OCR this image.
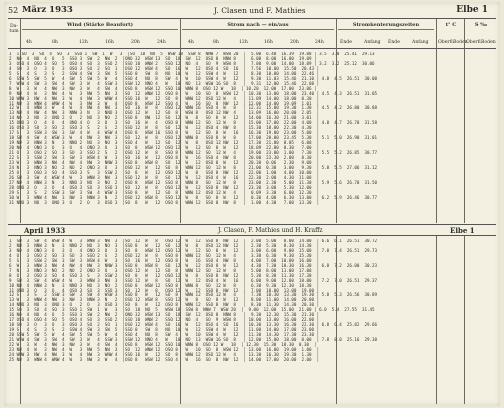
52 März 1933	J. Clasen und F. Mathies	Elbe 1
Da-tum
Wind (Stärke Beaufort)
4h	8h	12h	16h	20h	24h
Strom nach — ein/aus
4h	8h	12h	16h	20h	24h
Stromkenterungszeiten
Ende	Anfang Ende	Anfang
t° C	S ‰
Oberfl.
Boden
Oberfl.
Boden
1  1 SO  3  SO  4  SO  3  SSO 1  SW  1  W   3  │SO  10  NO  5  WSW 18  SSW 8  NNW 7  WSW 20  │  5.00  6.40  16.39  19.08 │ 3.5  3.0  25.41  29.13
2  NO  4  NO  4  O   5  SSO 3  SW  2  NW  2  │ONO 32  WSW 13  SO  18  SW  12  OSO 8  NNW 8   │  6.00  8.00  16.00  19.09 │
3  OSO 4  OSO 4  SO  5  OSO 4  SO  3  SSO 2  │SSO 10  WNW 2   SSO 12  NO  4   SO  9  WSW 8   │  7.00  9.00  14.00  18.09 │ 3.2  3.2  25.12  30.06
4  SO  3  O   3  O   3  OSO 3  SO  2  SO  1  │OSO 12  WSW 4   SO  16  W   12  OSO 4  SO  16  │  7.56  10.00  15.50  20.43 │
5  S   4  S   3  S   2  SSW 4  SW  3  SW  5  │SSO 8   SW  8   NO  10  W   12  SSW 4  W   12  │  8.30  10.00  14.00  22.46 │
6  SSW 5  SW  5  W   4  SW  5  SW  5  W   4  │SSO 4   NO  8   SW  4   W   10  SSW 4  W   12  │  9.30  11.03  15.46  21.10 │ 4.8  4.5  26.51  30.00
7  WSW 4  SW  3  SW  4  SW  3  W   4  SSW 3  │SSW 12  NNO 4   W   10  NO  13  WSW 16 SO  8   │  9.31  12.00  15.46  22.08 │
8  W   3  W   4  NW  3  NW  3  W   4  SW  4  │OSO 8   WSW 12  SSO 10  WNW 8  OSO 12 W   18  │ 10.20  12.00  17.00  23.06 │
9  NW  4  W   3  NW  4  W   3  NW  5  NW  3  │SO  12  WNW 12  OSO 8   W   10  SO  8  WSW 12  │ 10.30  13.00  18.00  23.40 │ 4.5  4.3  26.51  31.05
10 WNW 3  NW  4  NW  3  W   4  NW  3  WNW 4  │SSO 16  W   12  SO  8   WNW 12  OSO 12 W   4   │ 11.09  14.00  18.00  0.30  │
11 NW  3  WNW 4  WNW 4  W   3  NW  3  W   4  │OSO 8   WSW 12  SSO 4   W   16  SO  8  NW  12  │ 12.00  14.00  19.09  1.01  │
12 W   4  WNW 3  W   4  W   4  NW  4  NW  3  │SO  16  W   8   OSO 12  WNW 16  SSO 4  W   8   │ 12.31  15.00  19.30  1.30  │ 4.5  4.2  26.80  30.88
13 NW  4  NW  4  NW  3  NNW 3  N   3  NNO 3  │OSO 12  W   12  SO  8   WSW 8   OSO 12 NW  4   │ 13.09  16.00  20.00  2.05  │
14 NO  3  NO  3  ONO 2  O   2  NO  3  NO  2  │SSO 8   NW  12  SO  12  W   8   SO  8  W   12  │ 14.00  16.30  21.00  3.01  │
15 ONO 3  O   4  O   4  ONO 4  O   3  O   3  │SO  16  W   4   OSO 8   WNW 12  SO  12 W   8   │ 15.00  17.00  22.00  4.00  │ 4.8  4.7  26.70  31.58
16 OSO 3  SO  3  SO  2  SSO 3  S   2  S   2  │SSO 12  W   8   SO  12  W   12  OSO 4  NW  8   │ 15.30  18.00  22.30  4.30  │
17 S   3  SSW 3  SW  3  SW  4  W   4  WSW 4  │OSO 8   WSW 16  SSO 8   W   12  SO  8  W   16  │ 16.30  19.00  23.00  5.00  │
18 SW  4  SW  4  WSW 3  W   4  NW  3  NW  3  │SO  12  W   8   OSO 12  WNW 8   SSO 8  W   8   │ 17.00  20.00  23.45  5.30  │ 5.1  5.0  26.90  31.01
19 NW  3  NNW 3  N   3  NNO 2  NO  3  NO  3  │SSO 4   W   12  SO  12  W   8   OSO 12 NW  12  │ 17.30  21.00  0.05   6.00  │
20 NO  4  ONO 3  O   3  O   4  ONO 3  O   3  │SO  8   WSW 12  OSO 12  W   12  SO  8  W   12  │ 18.09  22.00  0.30   7.00  │
21 O   3  OSO 2  SO  3  SO  3  SSO 2  S   2  │OSO 12  W   8   SSO 8   WNW 12  SO  12 W   4   │ 19.00  23.00  1.00   7.30  │ 5.5  5.2  26.85  30.77
22 S   3  SSW 2  SW  3  SW  3  WSW 4  W   3  │SO  16  W   12  OSO 8   W   16  SSO 4  NW  8   │ 20.00  23.30  2.00   8.30  │
23 W   3  WNW 3  NW  4  NW  4  NW  3  NNW 3  │SSO 8   WSW 8   SO  12  W   12  OSO 8  W   12  │ 20.30  0.06   2.30   9.00  │
24 N   3  NNO 3  NO  2  NO  2  ONO 3  O   3  │OSO 12  W   12  SO  8   WNW 12  SO  12 W   8   │ 21.00  0.30   3.00   9.30  │ 5.8  5.5  27.06  31.12
25 O   3  OSO 3  SO  4  SSO 3  S   3  SSW 2  │SO  8   W   12  OSO 12  W   8   SSO 8  NW  12  │ 22.00  1.00   4.00  10.00  │
26 SW  3  SW  4  WSW 4  W   3  WNW 3  NW  3  │SSO 12  W   8   SO  12  W   12  OSO 4  W   16  │ 22.30  2.00   4.30  11.00  │
27 NW  4  NNW 3  N   3  NNO 3  NO  3  NO  2  │OSO 8   WSW 12  SSO 8   WNW 8   SO  12 W   8   │ 23.00  2.30   5.00  11.30  │ 5.9  5.6  26.70  31.50
28 ONO 3  O   3  O   4  OSO 3  SO  3  SSO 3  │SO  12  W   8   OSO 12  W   12  SSO 8  NW  12  │ 23.30  3.00   5.30  12.00  │
29 S   3  S   2  SSW 3  SW  3  SW  4  WSW 3  │SSO 8   W   12  SO  8   WNW 12  OSO 12 W   4   │  0.09  3.30   6.00  12.30  │
30 W   3  WNW 4  NW  3  NW  3  NNW 3  N   2  │OSO 12  WSW 8   SSO 12  W   8   SO  8  W   12  │  0.30  4.00   6.30  13.00  │ 6.2  5.9  26.46  30.77
31 NNO 3  NO  3  ONO 3  O   2  O   3  OSO 3  │SO  8   W   12  OSO 8   WNW 12  SSO 8  NW  8   │  1.00  4.30   7.00  13.30  │
April 1933	J. Clasen, F. Mathies und H. Kraffz	Elbe 1
1  SW  3  SW  4  WSW 4  W   3  WNW 3  NW  3  │SO  12  W   8   OSO 12  W   12  SSO 8  NW  12  │  2.00  5.00   8.00  14.00  │ 6.6  6.1  26.51  30.72
2  NW  3  NNW 3  N   3  NNO 2  NO  3  NO  3  │SSO 8   W   12  SO  12  W   8   OSO 12 NW  12  │  2.30  5.30   8.30  14.30  │
3  NO  4  ONO 3  O   3  O   4  ONO 3  O   3  │SO  8   WSW 12  OSO 12  W   12  SO  8  W   12  │  3.00  6.00   9.00  15.00  │ 7.0  7.4  26.51  29.73
4  O   3  OSO 2  SO  3  SO  3  SSO 2  S   2  │OSO 12  W   8   SSO 8   WNW 12  SO  12 W   4   │  3.30  6.30   9.30  15.30  │
5  S   3  SSW 2  SW  3  SW  3  WSW 4  W   3  │SO  16  W   12  OSO 8   W   16  SSO 4  NW  8   │  4.00  7.00  10.00  16.00  │
6  W   3  WNW 3  NW  4  NW  4  NW  3  NNW 3  │SSO 8   WSW 8   SO  12  W   12  OSO 8  W   12  │  4.30  7.30  10.30  16.30  │ 6.8  7.2  26.00  30.23
7  N   3  NNO 3  NO  2  NO  2  ONO 3  O   3  │OSO 12  W   12  SO  8   WNW 12  SO  12 W   8   │  5.00  8.00  11.00  17.00  │
8  O   3  OSO 3  SO  4  SSO 3  S   3  SSW 2  │SO  8   W   12  OSO 12  W   8   SSO 8  NW  12  │  5.30  8.30  11.30  17.30  │
9  SW  3  SW  4  WSW 4  W   3  WNW 3  NW  3  │SSO 12  W   8   SO  12  W   12  OSO 4  W   16  │  6.00  9.00  12.00  18.00  │ 7.2  7.0  26.51  29.37
10 NW  4  NNW 3  N   3  NNO 3  NO  3  NO  2  │OSO 8   WSW 12  SSO 8   WNW 8   SO  12 W   8   │  6.30  9.30  12.30  18.30  │
11 ONO 3  O   3  O   4  OSO 3  SO  3  SSO 3  │SO  12  W   8   OSO 12  W   12  SSO 8  NW  12  │  7.00  10.00  13.00  19.00 │
12 S   3  S   2  SSW 3  SW  3  SW  4  WSW 3  │SSO 8   W   12  SO  8   WNW 12  OSO 12 W   4   │  7.30  10.30  13.30  19.30 │ 5.8  5.3  26.56  30.89
13 W   3  WNW 4  NW  3  NW  3  NNW 3  N   2  │OSO 12  WSW 8   SSO 12  W   8   SO  8  W   12  │  8.00  11.00  14.00  20.00 │
14 NNO 3  NO  3  ONO 3  O   2  O   3  OSO 3  │SO  8   W   12  OSO 8   WNW 12  SSO 8  NW  8   │  8.30  11.30  14.30  20.30 │
15 SO  3  SO  4  SO  3  SSO 1  SW  1  W   3  │SO  10  NO  5   WSW 18  SSW 8  NNW 7  WSW 20  │  9.00  12.00  15.00  21.00 │ 6.0  5.4  27.55  31.45
16 NO  4  NO  4  O   5  SSO 3  SW  2  NW  2  │ONO 32  WSW 13  SO  18  SW  12  OSO 8  NNW 8   │  9.30  12.30  15.30  21.30 │
17 OSO 4  OSO 4  SO  5  OSO 4  SO  3  SSO 2  │SSO 10  WNW 2   SSO 12  NO  4   SO  9  WSW 8   │ 10.00  13.00  16.00  22.00 │
18 SO  3  O   3  O   3  OSO 3  SO  2  SO  1  │OSO 12  WSW 4   SO  16  W   12  OSO 4  SO  16  │ 10.30  13.30  16.30  22.30 │ 6.8  6.4  25.82  29.66
19 S   4  S   3  S   2  SSW 4  SW  3  SW  5  │SSO 8   SW  8   NO  10  W   12  SSW 4  W   12  │ 11.00  14.00  17.00  23.00 │
20 SSW 5  SW  5  W   4  SW  5  SW  5  W   4  │SSO 4   NO  8   SW  4   W   10  SSW 4  W   12  │ 11.30  14.30  17.30  23.30 │
21 WSW 4  SW  3  SW  4  SW  3  W   4  SSW 3  │SSW 12  NNO 4   W   10  NO  13  WSW 16 SO  8   │ 12.00  15.00  18.00  0.00  │ 7.8  8.0  25.16  29.38
22 W   3  W   4  NW  3  NW  3  W   4  SW  4  │OSO 8   WSW 12  SSO 10  WNW 8  OSO 12 W   18  │ 12.30  15.30  18.30  0.30  │
23 NW  4  W   3  NW  4  W   3  NW  5  NW  3  │SO  12  WNW 12  OSO 8   W   10  SO  8  WSW 12  │ 13.00  16.00  19.00  1.00  │
24 WNW 3  NW  4  NW  3  W   4  NW  3  WNW 4  │SSO 16  W   12  SO  8   WNW 12  OSO 12 W   4   │ 13.30  16.30  19.30  1.30  │
25 NW  3  WNW 4  WNW 4  W   3  NW  3  W   4  │OSO 8   WSW 12  SSO 4   W   16  SO  8  NW  12  │ 14.00  17.00  20.00  2.00  │
